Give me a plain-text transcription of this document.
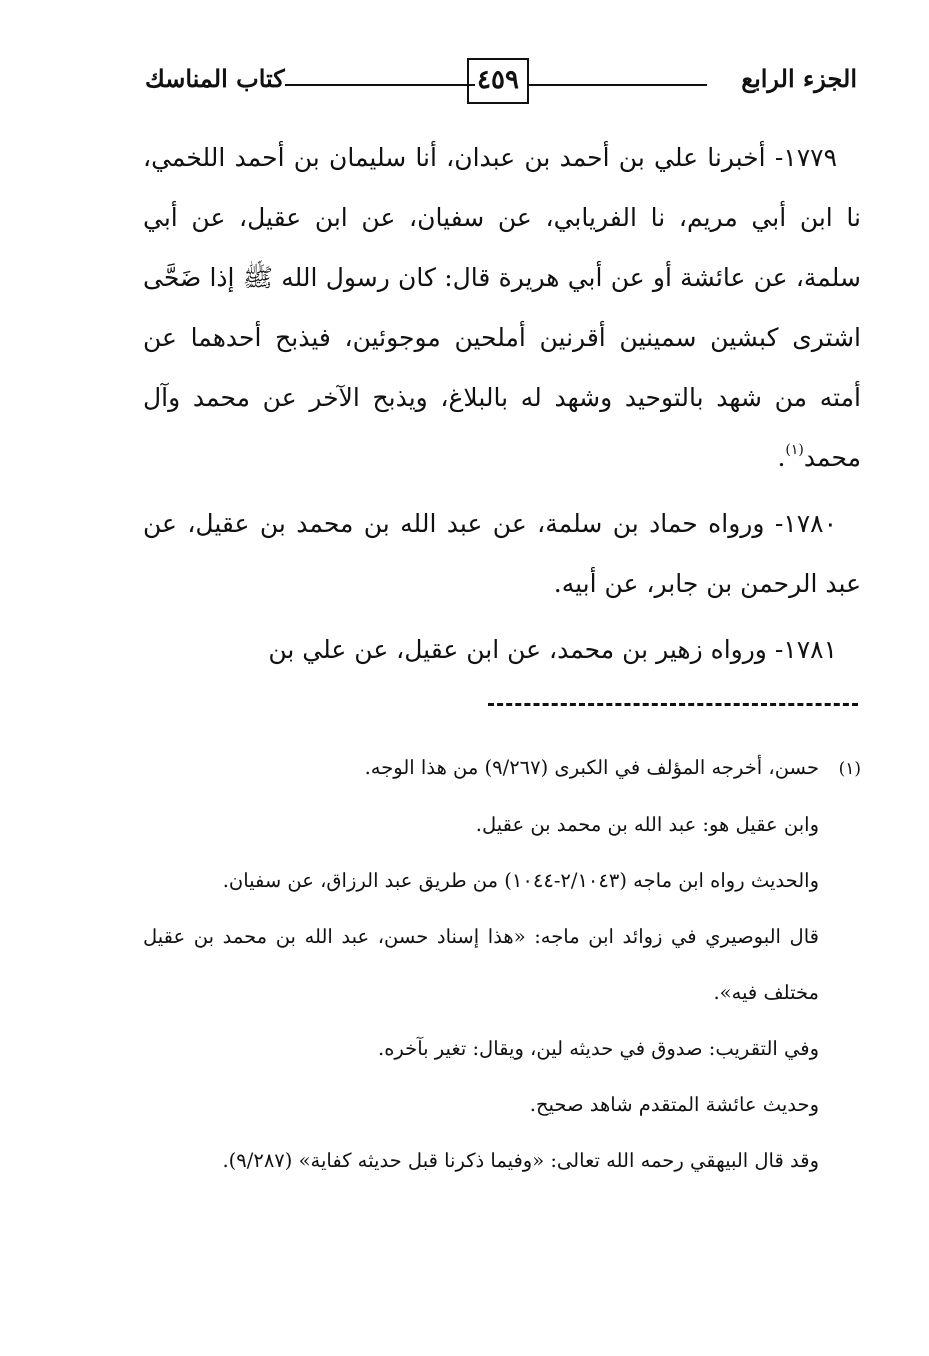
الجزء الرابع
٤٥٩
كتاب المناسك

١٧٧٩- أخبرنا علي بن أحمد بن عبدان، أنا سليمان بن أحمد اللخمي، نا ابن أبي مريم، نا الفريابي، عن سفيان، عن ابن عقيل، عن أبي سلمة، عن عائشة أو عن أبي هريرة قال: كان رسول الله ﷺ إذا ضَحَّى اشترى كبشين سمينين أقرنين أملحين موجوئين، فيذبح أحدهما عن أمته من شهد بالتوحيد وشهد له بالبلاغ، ويذبح الآخر عن محمد وآل محمد$^{(١)}$.

١٧٨٠- ورواه حماد بن سلمة، عن عبد الله بن محمد بن عقيل، عن عبد الرحمن بن جابر، عن أبيه.

١٧٨١- ورواه زهير بن محمد، عن ابن عقيل، عن علي بن

(١)حسن، أخرجه المؤلف في الكبرى (٩/٢٦٧) من هذا الوجه.

وابن عقيل هو: عبد الله بن محمد بن عقيل.

والحديث رواه ابن ماجه (٢/١٠٤٣-١٠٤٤) من طريق عبد الرزاق، عن سفيان.

قال البوصيري في زوائد ابن ماجه: «هذا إسناد حسن، عبد الله بن محمد بن عقيل مختلف فيه».

وفي التقريب: صدوق في حديثه لين، ويقال: تغير بآخره.

وحديث عائشة المتقدم شاهد صحيح.

وقد قال البيهقي رحمه الله تعالى: «وفيما ذكرنا قبل حديثه كفاية» (٩/٢٨٧).
